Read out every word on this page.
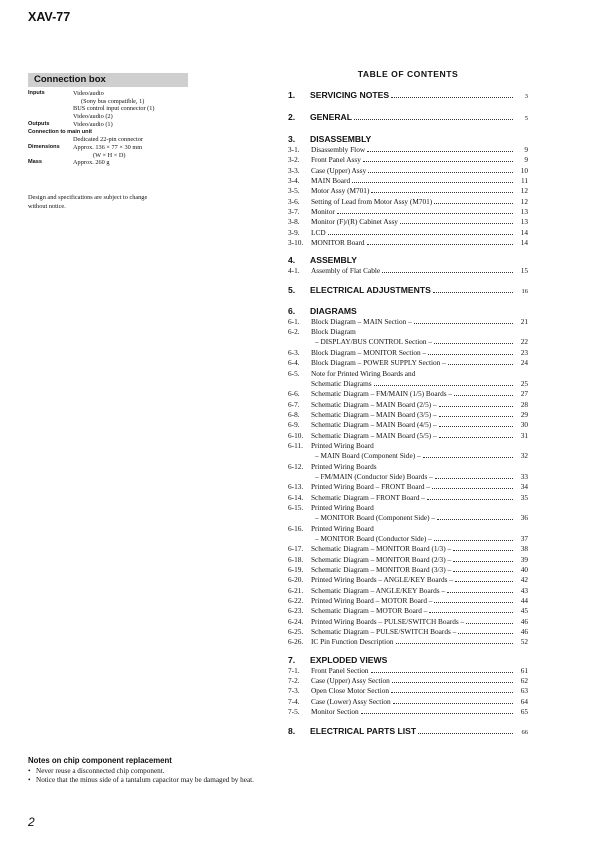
XAV-77
Connection box
Inputs	Video/audio
(Sony bus compatible, 1)
BUS control input connector (1)
Video/audio (2)
Outputs	Video/audio (1)
Connection to main unit
Dedicated 22-pin connector
Dimensions	Approx. 136 × 77 × 30 mm
(W × H × D)
Mass	Approx. 260 g
Design and specifications are subject to change without notice.
TABLE OF CONTENTS
1.	SERVICING NOTES	3
2.	GENERAL	5
3.	DISASSEMBLY
3-1.	Disassembly Flow	9
3-2.	Front Panel Assy	9
3-3.	Case (Upper) Assy	10
3-4.	MAIN Board	11
3-5.	Motor Assy (M701)	12
3-6.	Setting of Lead from Motor Assy (M701)	12
3-7.	Monitor	13
3-8.	Monitor (F)/(R) Cabinet Assy	13
3-9.	LCD	14
3-10.	MONITOR Board	14
4.	ASSEMBLY
4-1.	Assembly of Flat Cable	15
5.	ELECTRICAL ADJUSTMENTS	16
6.	DIAGRAMS
6-1.	Block Diagram – MAIN Section –	21
6-2.	Block Diagram
– DISPLAY/BUS CONTROL Section –	22
6-3.	Block Diagram – MONITOR Section –	23
6-4.	Block Diagram – POWER SUPPLY Section –	24
6-5.	Note for Printed Wiring Boards and
Schematic Diagrams	25
6-6.	Schematic Diagram – FM/MAIN (1/5) Boards –	27
6-7.	Schematic Diagram – MAIN Board (2/5) –	28
6-8.	Schematic Diagram – MAIN Board (3/5) –	29
6-9.	Schematic Diagram – MAIN Board (4/5) –	30
6-10.	Schematic Diagram – MAIN Board (5/5) –	31
6-11.	Printed Wiring Board
– MAIN Board (Component Side) –	32
6-12.	Printed Wiring Boards
– FM/MAIN (Conductor Side) Boards –	33
6-13.	Printed Wiring Board – FRONT Board –	34
6-14.	Schematic Diagram – FRONT Board –	35
6-15.	Printed Wiring Board
– MONITOR Board (Component Side) –	36
6-16.	Printed Wiring Board
– MONITOR Board (Conductor Side) –	37
6-17.	Schematic Diagram – MONITOR Board (1/3) –	38
6-18.	Schematic Diagram – MONITOR Board (2/3) –	39
6-19.	Schematic Diagram – MONITOR Board (3/3) –	40
6-20.	Printed Wiring Boards – ANGLE/KEY Boards –	42
6-21.	Schematic Diagram – ANGLE/KEY Boards –	43
6-22.	Printed Wiring Board – MOTOR Board –	44
6-23.	Schematic Diagram – MOTOR Board –	45
6-24.	Printed Wiring Boards – PULSE/SWITCH Boards –	46
6-25.	Schematic Diagram – PULSE/SWITCH Boards –	46
6-26.	IC Pin Function Description	52
7.	EXPLODED VIEWS
7-1.	Front Panel Section	61
7-2.	Case (Upper) Assy Section	62
7-3.	Open Close Motor Section	63
7-4.	Case (Lower) Assy Section	64
7-5.	Monitor Section	65
8.	ELECTRICAL PARTS LIST	66
Notes on chip component replacement
• Never reuse a disconnected chip component.
• Notice that the minus side of a tantalum capacitor may be damaged by heat.
2
